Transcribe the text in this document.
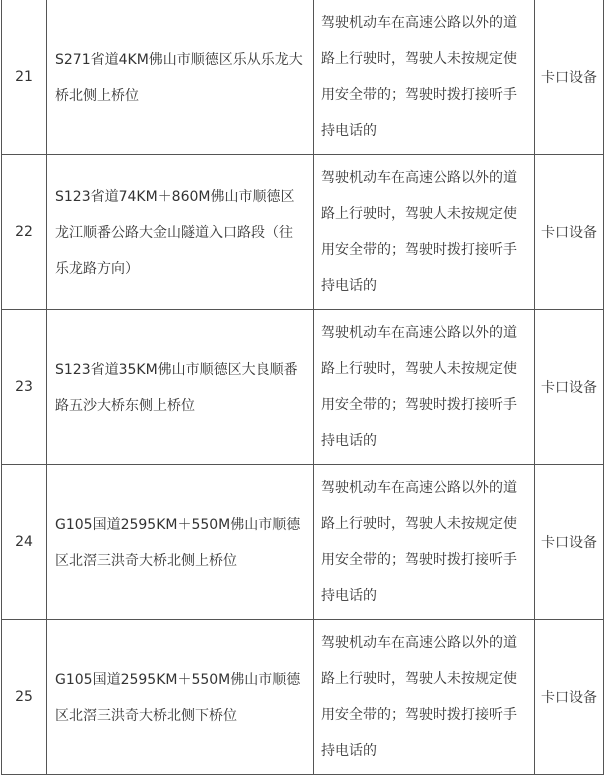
21	S271省道4KM佛山市顺德区乐从乐龙大桥北侧上桥位	驾驶机动车在高速公路以外的道路上行驶时，驾驶人未按规定使用安全带的；驾驶时拨打接听手持电话的	卡口设备
22	S123省道74KM＋860M佛山市顺德区龙江顺番公路大金山隧道入口路段（往乐龙路方向）	驾驶机动车在高速公路以外的道路上行驶时，驾驶人未按规定使用安全带的；驾驶时拨打接听手持电话的	卡口设备
23	S123省道35KM佛山市顺德区大良顺番路五沙大桥东侧上桥位	驾驶机动车在高速公路以外的道路上行驶时，驾驶人未按规定使用安全带的；驾驶时拨打接听手持电话的	卡口设备
24	G105国道2595KM＋550M佛山市顺德区北滘三洪奇大桥北侧上桥位	驾驶机动车在高速公路以外的道路上行驶时，驾驶人未按规定使用安全带的；驾驶时拨打接听手持电话的	卡口设备
25	G105国道2595KM＋550M佛山市顺德区北滘三洪奇大桥北侧下桥位	驾驶机动车在高速公路以外的道路上行驶时，驾驶人未按规定使用安全带的；驾驶时拨打接听手持电话的	卡口设备
